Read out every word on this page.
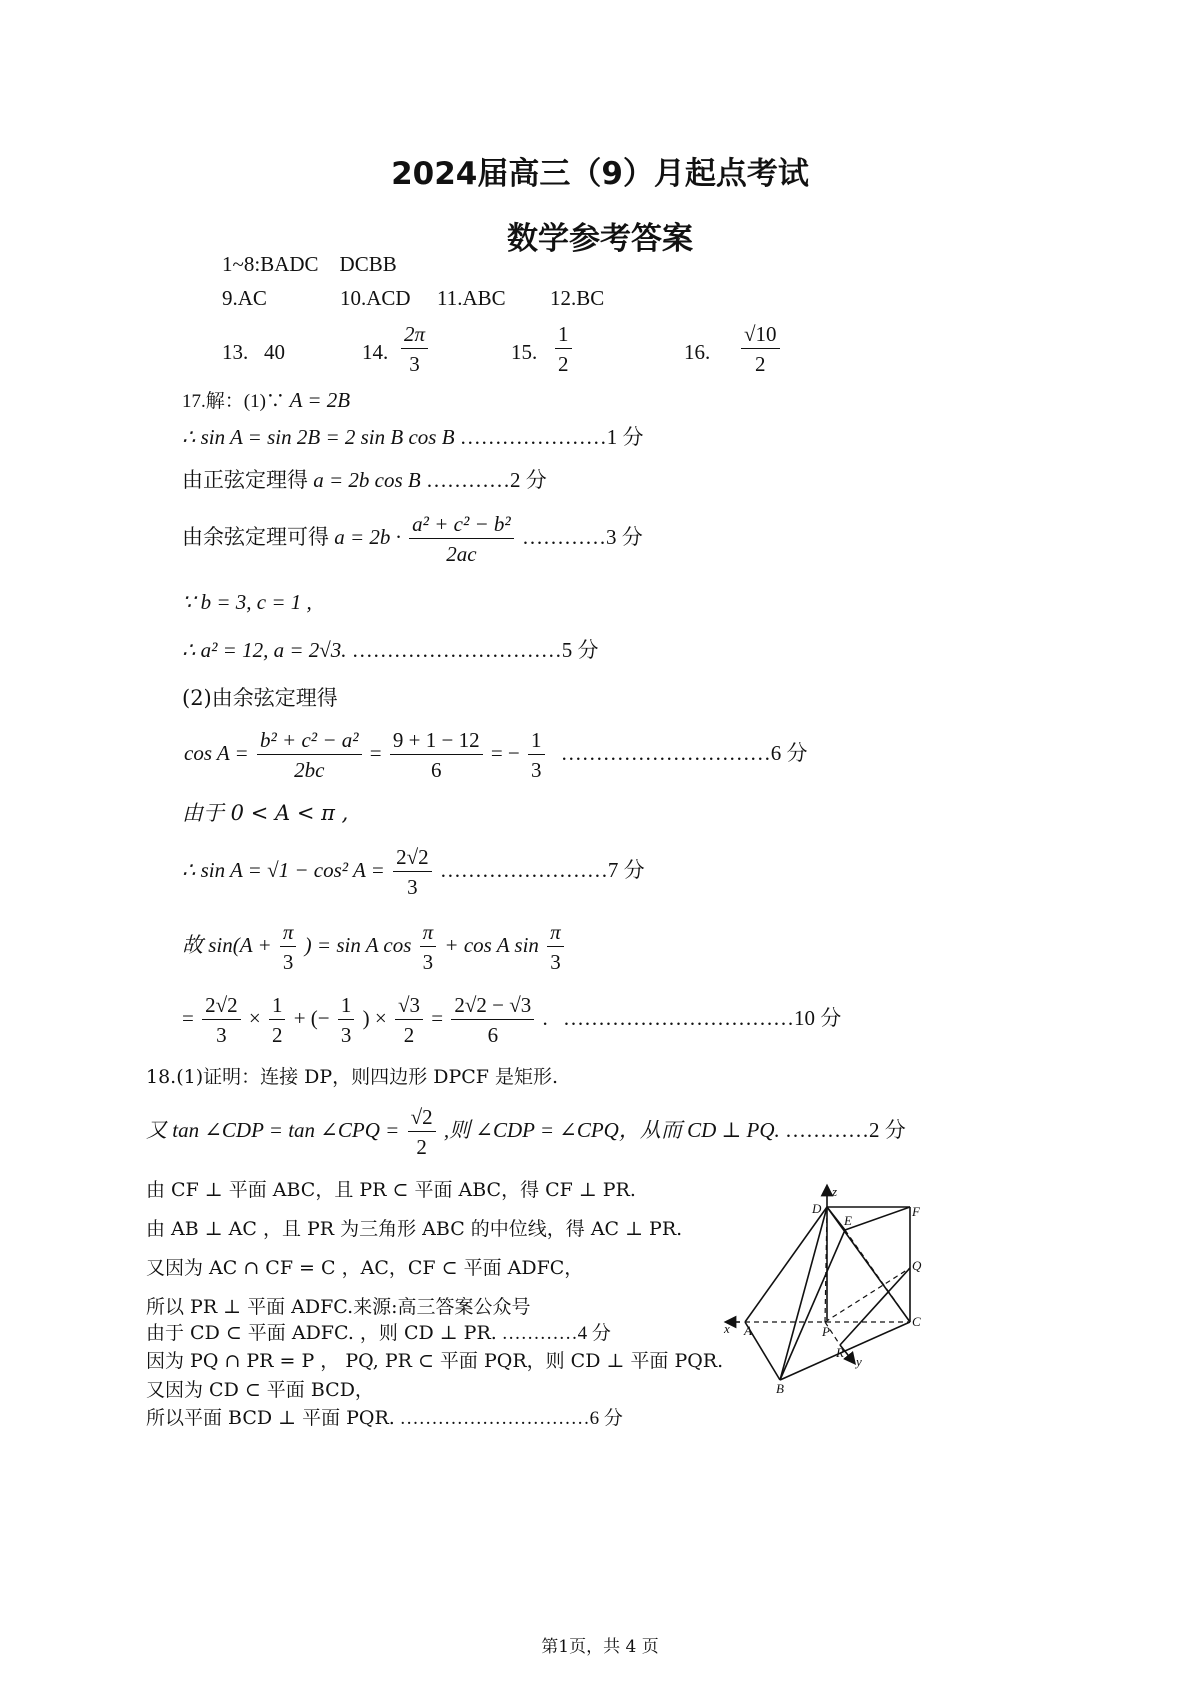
2024届高三（9）月起点考试
数学参考答案
1~8:BADC　DCBB
9.AC	10.ACD 11.ABC 12.BC
13. 40	14. $\frac{2\pi}{3}$	15. $\frac{1}{2}$	16. $\frac{√10}{2}$
17.解：(1)∵ A = 2B
∴ sin A = sin 2B = 2 sin B cos B …………………1 分
由正弦定理得 a = 2b cos B …………2 分
由余弦定理可得 $a = 2b \cdot \frac{\text{a² + c² − b²}}{2ac}$ …………3 分
∵ b = 3, c = 1 ,
∴ a² = 12, a = 2√3. …………………………5 分
(2)由余弦定理得
$\cos A = \frac{\text{b² + c² − a²}}{2bc} = \frac{9 + 1 - 12}{6}$ = − $\frac{1}{3}$ …………………………6 分
由于 0 < A < π ,
∴ sin A = √1 − cos² $A = \frac{2√2}{3}$ ……………………7 分
故 $\sin(A + \frac{\pi}{3}$ ) = sin A $\cos \frac{\pi}{3} + \cos A$ $\sin \frac{\pi}{3}$
= $\frac{2√2}{3} \times \frac{1}{2}$ + (− $\frac{1}{3}$ ) × $\frac{√3}{2} = \frac{2√2 - √3}{6}$ . ……………………………10 分
18.(1)证明：连接 DP，则四边形 DPCF 是矩形.
又 tan ∠CDP = tan ∠CPQ = $\frac{√2}{2}$ ,则 ∠CDP = ∠CPQ，从而 CD ⊥ PQ. …………2 分
由 CF ⊥ 平面 ABC，且 PR ⊂ 平面 ABC，得 CF ⊥ PR.
由 AB ⊥ AC ，且 PR 为三角形 ABC 的中位线，得 AC ⊥ PR.
又因为 AC ∩ CF = C ，AC，CF ⊂ 平面 ADFC，
所以 PR ⊥ 平面 ADFC.来源:高三答案公众号
由于 CD ⊂ 平面 ADFC. ，则 CD ⊥ PR. …………4 分
因为 PQ ∩ PR = P ， PQ, PR ⊂ 平面 PQR，则 CD ⊥ 平面 PQR.
又因为 CD ⊂ 平面 BCD，
所以平面 BCD ⊥ 平面 PQR. …………………………6 分
z
D
E
F
Q
x A	P
C
R
y
B
第1页，共 4 页
